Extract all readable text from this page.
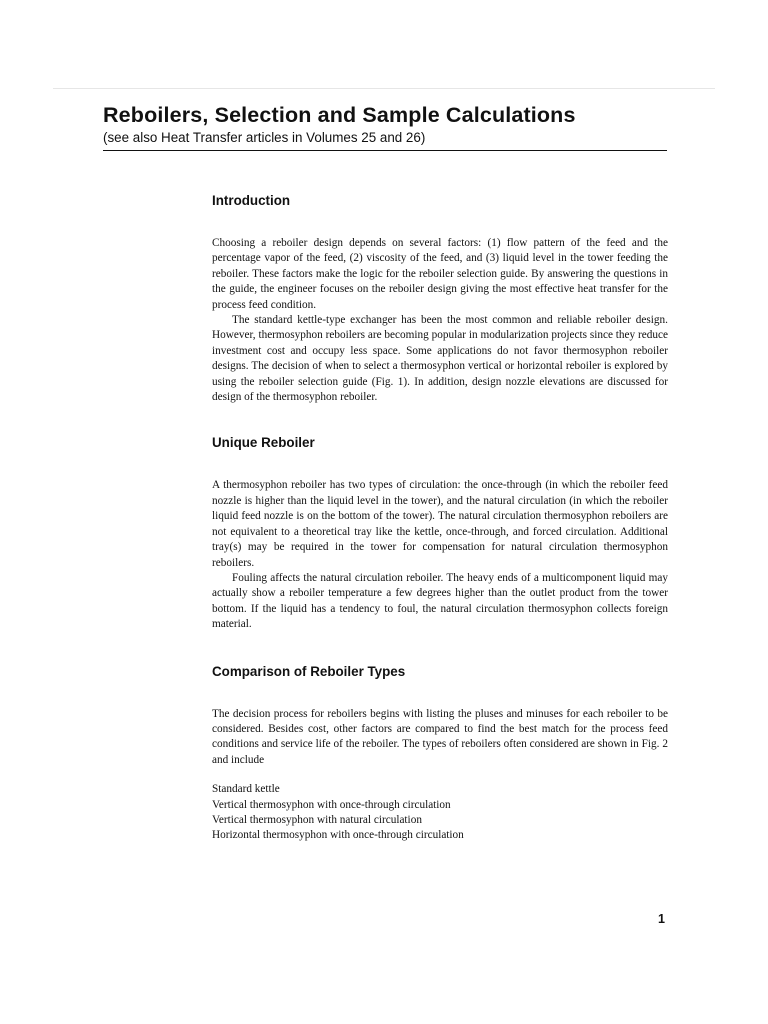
Reboilers, Selection and Sample Calculations
(see also Heat Transfer articles in Volumes 25 and 26)
Introduction

Choosing a reboiler design depends on several factors: (1) flow pattern of the feed and the percentage vapor of the feed, (2) viscosity of the feed, and (3) liquid level in the tower feeding the reboiler. These factors make the logic for the reboiler selection guide. By answering the questions in the guide, the engineer focuses on the reboiler design giving the most effective heat transfer for the process feed condition.

The standard kettle-type exchanger has been the most common and reliable reboiler design. However, thermosyphon reboilers are becoming popular in modularization projects since they reduce investment cost and occupy less space. Some applications do not favor thermosyphon reboiler designs. The decision of when to select a thermosyphon vertical or horizontal reboiler is explored by using the reboiler selection guide (Fig. 1). In addition, design nozzle elevations are discussed for design of the thermosyphon reboiler.

Unique Reboiler

A thermosyphon reboiler has two types of circulation: the once-through (in which the reboiler feed nozzle is higher than the liquid level in the tower), and the natural circulation (in which the reboiler liquid feed nozzle is on the bottom of the tower). The natural circulation thermosyphon reboilers are not equivalent to a theoretical tray like the kettle, once-through, and forced circulation. Additional tray(s) may be required in the tower for compensation for natural circulation thermosyphon reboilers.

Fouling affects the natural circulation reboiler. The heavy ends of a multicomponent liquid may actually show a reboiler temperature a few degrees higher than the outlet product from the tower bottom. If the liquid has a tendency to foul, the natural circulation thermosyphon collects foreign material.

Comparison of Reboiler Types

The decision process for reboilers begins with listing the pluses and minuses for each reboiler to be considered. Besides cost, other factors are compared to find the best match for the process feed conditions and service life of the reboiler. The types of reboilers often considered are shown in Fig. 2 and include

Standard kettle
Vertical thermosyphon with once-through circulation
Vertical thermosyphon with natural circulation
Horizontal thermosyphon with once-through circulation
1
